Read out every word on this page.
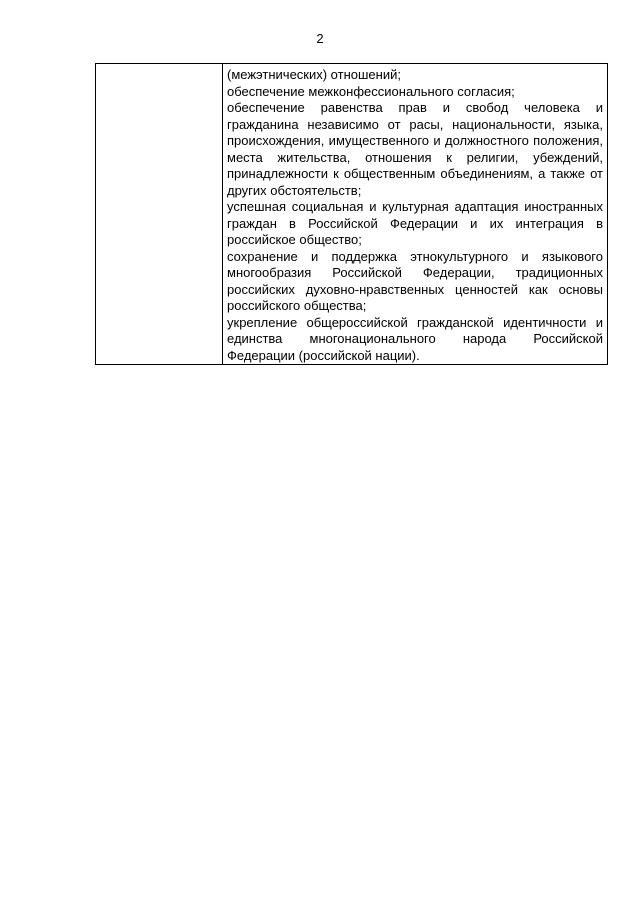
2

(межэтнических) отношений;

обеспечение межконфессионального согласия;

обеспечение равенства прав и свобод человека и гражданина независимо от расы, национальности, языка, происхождения, имущественного и должностного положения, места жительства, отношения к религии, убеждений, принадлежности к общественным объединениям, а также от других обстоятельств;

успешная социальная и культурная адаптация иностранных граждан в Российской Федерации и их интеграция в российское общество;

сохранение и поддержка этнокультурного и языкового многообразия Российской Федерации, традиционных российских духовно-нравственных ценностей как основы российского общества;

укрепление общероссийской гражданской идентичности и единства многонационального народа Российской Федерации (российской нации).
